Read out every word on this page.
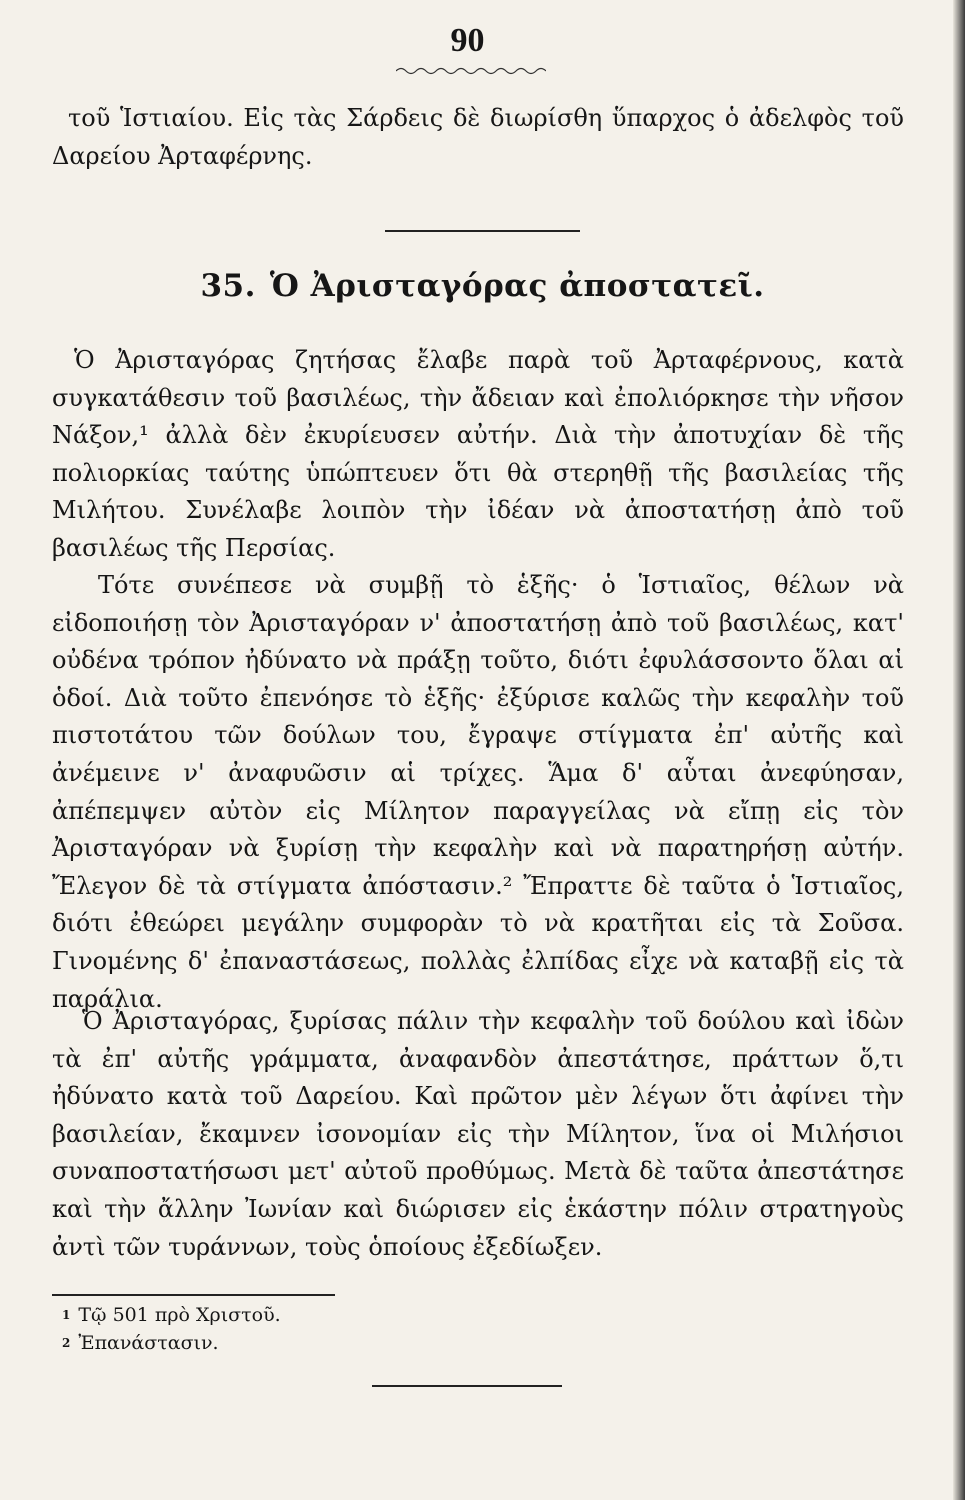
90

τοῦ Ἱστιαίου. Εἰς τὰς Σάρδεις δὲ διωρίσθη ὕπαρχος ὁ ἀδελφὸς τοῦ Δαρείου Ἀρταφέρνης.

35. Ὁ Ἀρισταγόρας ἀποστατεῖ.

Ὁ Ἀρισταγόρας ζητήσας ἔλαβε παρὰ τοῦ Ἀρταφέρνους, κατὰ συγκατάθεσιν τοῦ βασιλέως, τὴν ἄδειαν καὶ ἐπολιόρκησε τὴν νῆσον Νάξον,¹ ἀλλὰ δὲν ἐκυρίευσεν αὐτήν. Διὰ τὴν ἀποτυχίαν δὲ τῆς πολιορκίας ταύτης ὑπώπτευεν ὅτι θὰ στερηθῇ τῆς βασιλείας τῆς Μιλήτου. Συνέλαβε λοιπὸν τὴν ἰδέαν νὰ ἀποστατήσῃ ἀπὸ τοῦ βασιλέως τῆς Περσίας.

Τότε συνέπεσε νὰ συμβῇ τὸ ἑξῆς· ὁ Ἱστιαῖος, θέλων νὰ εἰδοποιήσῃ τὸν Ἀρισταγόραν ν' ἀποστατήσῃ ἀπὸ τοῦ βασιλέως, κατ' οὐδένα τρόπον ἠδύνατο νὰ πράξῃ τοῦτο, διότι ἐφυλάσσοντο ὅλαι αἱ ὁδοί. Διὰ τοῦτο ἐπενόησε τὸ ἑξῆς· ἐξύρισε καλῶς τὴν κεφαλὴν τοῦ πιστοτάτου τῶν δούλων του, ἔγραψε στίγματα ἐπ' αὐτῆς καὶ ἀνέμεινε ν' ἀναφυῶσιν αἱ τρίχες. Ἅμα δ' αὗται ἀνεφύησαν, ἀπέπεμψεν αὐτὸν εἰς Μίλητον παραγγείλας νὰ εἴπῃ εἰς τὸν Ἀρισταγόραν νὰ ξυρίσῃ τὴν κεφαλὴν καὶ νὰ παρατηρήσῃ αὐτήν. Ἔλεγον δὲ τὰ στίγματα ἀπόστασιν.² Ἔπραττε δὲ ταῦτα ὁ Ἱστιαῖος, διότι ἐθεώρει μεγάλην συμφορὰν τὸ νὰ κρατῆται εἰς τὰ Σοῦσα. Γινομένης δ' ἐπαναστάσεως, πολλὰς ἐλπίδας εἶχε νὰ καταβῇ εἰς τὰ παράλια.

Ὁ Ἀρισταγόρας, ξυρίσας πάλιν τὴν κεφαλὴν τοῦ δούλου καὶ ἰδὼν τὰ ἐπ' αὐτῆς γράμματα, ἀναφανδὸν ἀπεστάτησε, πράττων ὅ,τι ἠδύνατο κατὰ τοῦ Δαρείου. Καὶ πρῶτον μὲν λέγων ὅτι ἀφίνει τὴν βασιλείαν, ἔκαμνεν ἰσονομίαν εἰς τὴν Μίλητον, ἵνα οἱ Μιλήσιοι συναποστατήσωσι μετ' αὐτοῦ προθύμως. Μετὰ δὲ ταῦτα ἀπεστάτησε καὶ τὴν ἄλλην Ἰωνίαν καὶ διώρισεν εἰς ἑκάστην πόλιν στρατηγοὺς ἀντὶ τῶν τυράννων, τοὺς ὁποίους ἐξεδίωξεν.

$^1$ Τῷ 501 πρὸ Χριστοῦ.
$^2$ Ἐπανάστασιν.
